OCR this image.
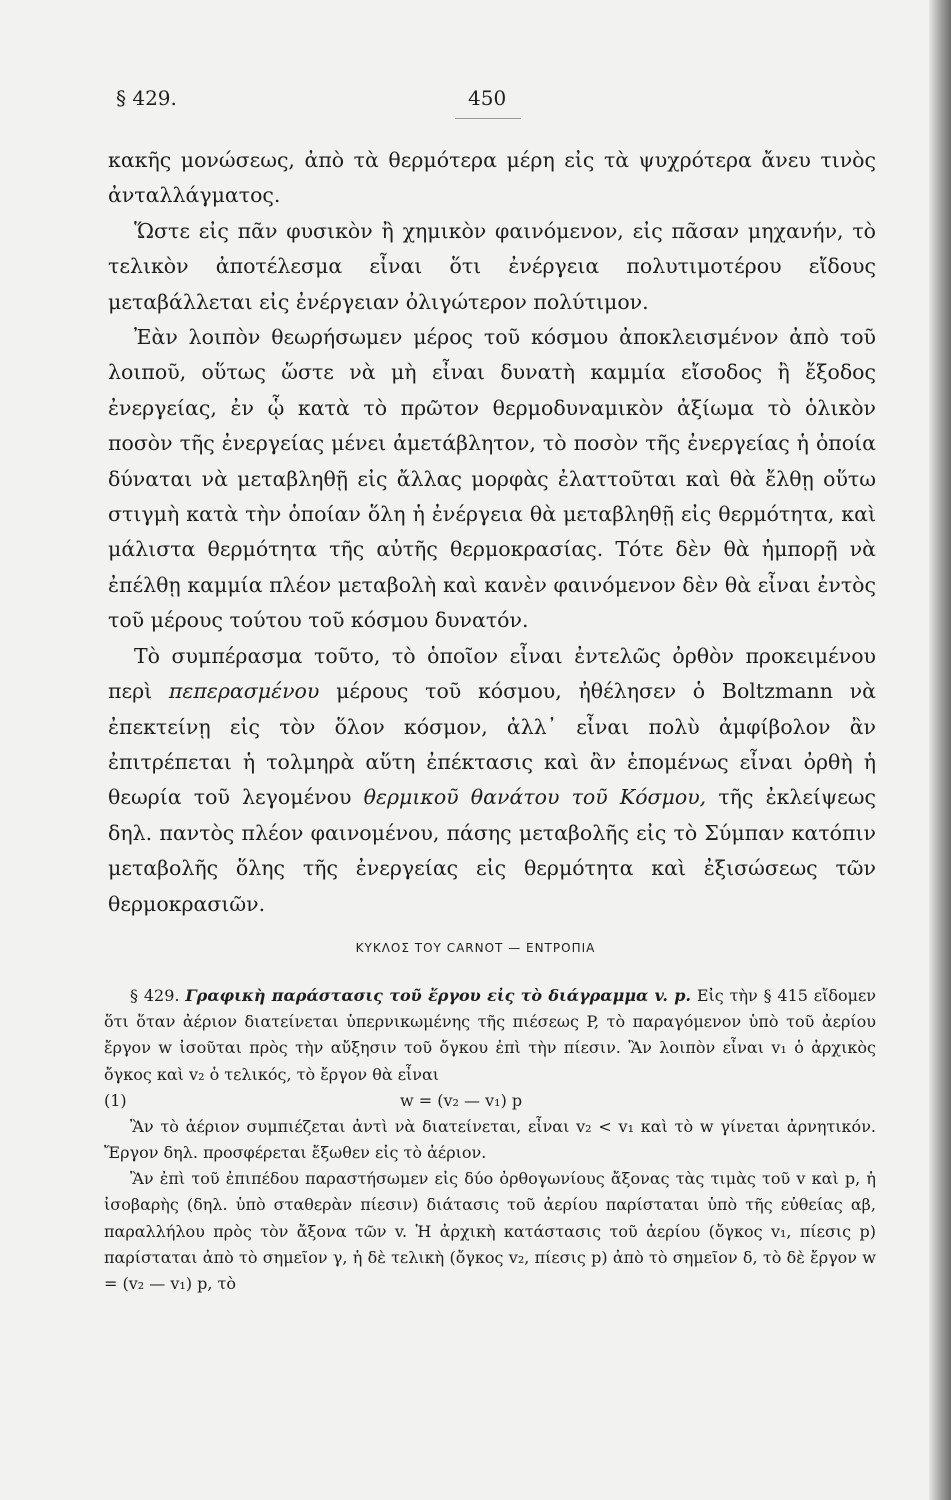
§ 429.	450

κακῆς μονώσεως, ἀπὸ τὰ θερμότερα μέρη εἰς τὰ ψυχρότερα ἄνευ τινὸς ἀνταλλάγματος.

Ὥστε εἰς πᾶν φυσικὸν ἢ χημικὸν φαινόμενον, εἰς πᾶσαν μηχανήν, τὸ τελικὸν ἀποτέλεσμα εἶναι ὅτι ἐνέργεια πολυτιμοτέρου εἴδους μεταβάλλεται εἰς ἐνέργειαν ὀλιγώτερον πολύτιμον.

Ἐὰν λοιπὸν θεωρήσωμεν μέρος τοῦ κόσμου ἀποκλεισμένον ἀπὸ τοῦ λοιποῦ, οὕτως ὥστε νὰ μὴ εἶναι δυνατὴ καμμία εἴσοδος ἢ ἔξοδος ἐνεργείας, ἐν ᾧ κατὰ τὸ πρῶτον θερμοδυναμικὸν ἀξίωμα τὸ ὁλικὸν ποσὸν τῆς ἐνεργείας μένει ἀμετάβλητον, τὸ ποσὸν τῆς ἐνεργείας ἡ ὁποία δύναται νὰ μεταβληθῇ εἰς ἄλλας μορφὰς ἐλαττοῦται καὶ θὰ ἔλθῃ οὕτω στιγμὴ κατὰ τὴν ὁποίαν ὅλη ἡ ἐνέργεια θὰ μεταβληθῇ εἰς θερμότητα, καὶ μάλιστα θερμότητα τῆς αὐτῆς θερμοκρασίας. Τότε δὲν θὰ ἠμπορῇ νὰ ἐπέλθῃ καμμία πλέον μεταβολὴ καὶ κανὲν φαινόμενον δὲν θὰ εἶναι ἐντὸς τοῦ μέρους τούτου τοῦ κόσμου δυνατόν.

Τὸ συμπέρασμα τοῦτο, τὸ ὁποῖον εἶναι ἐντελῶς ὀρθὸν προκειμένου περὶ πεπερασμένου μέρους τοῦ κόσμου, ἠθέλησεν ὁ Boltzmann νὰ ἐπεκτείνῃ εἰς τὸν ὅλον κόσμον, ἀλλ᾽ εἶναι πολὺ ἀμφίβολον ἂν ἐπιτρέπεται ἡ τολμηρὰ αὕτη ἐπέκτασις καὶ ἂν ἑπομένως εἶναι ὀρθὴ ἡ θεωρία τοῦ λεγομένου θερμικοῦ θανάτου τοῦ Κόσμου, τῆς ἐκλείψεως δηλ. παντὸς πλέον φαινομένου, πάσης μεταβολῆς εἰς τὸ Σύμπαν κατόπιν μεταβολῆς ὅλης τῆς ἐνεργείας εἰς θερμότητα καὶ ἐξισώσεως τῶν θερμοκρασιῶν.

ΚΥΚΛΟΣ ΤΟΥ CARNOT — ΕΝΤΡΟΠΙΑ

§ 429. Γραφικὴ παράστασις τοῦ ἔργου εἰς τὸ διάγραμμα v. p. Εἰς τὴν § 415 εἴδομεν ὅτι ὅταν ἀέριον διατείνεται ὑπερνικωμένης τῆς πιέσεως P, τὸ παραγόμενον ὑπὸ τοῦ ἀερίου ἔργον w ἰσοῦται πρὸς τὴν αὔξησιν τοῦ ὄγκου ἐπὶ τὴν πίεσιν. Ἂν λοιπὸν εἶναι v₁ ὁ ἀρχικὸς ὄγκος καὶ v₂ ὁ τελικός, τὸ ἔργον θὰ εἶναι

(1)	w = (v₂ — v₁) p

Ἂν τὸ ἀέριον συμπιέζεται ἀντὶ νὰ διατείνεται, εἶναι v₂ < v₁ καὶ τὸ w γίνεται ἀρνητικόν. Ἔργον δηλ. προσφέρεται ἔξωθεν εἰς τὸ ἀέριον.

Ἂν ἐπὶ τοῦ ἐπιπέδου παραστήσωμεν εἰς δύο ὀρθογωνίους ἄξονας τὰς τιμὰς τοῦ v καὶ p, ἡ ἰσοβαρὴς (δηλ. ὑπὸ σταθερὰν πίεσιν) διάτασις τοῦ ἀερίου παρίσταται ὑπὸ τῆς εὐθείας αβ, παραλλήλου πρὸς τὸν ἄξονα τῶν v. Ἡ ἀρχικὴ κατάστασις τοῦ ἀερίου (ὄγκος v₁, πίεσις p) παρίσταται ἀπὸ τὸ σημεῖον γ, ἡ δὲ τελικὴ (ὄγκος v₂, πίεσις p) ἀπὸ τὸ σημεῖον δ, τὸ δὲ ἔργον w = (v₂ — v₁) p, τὸ
